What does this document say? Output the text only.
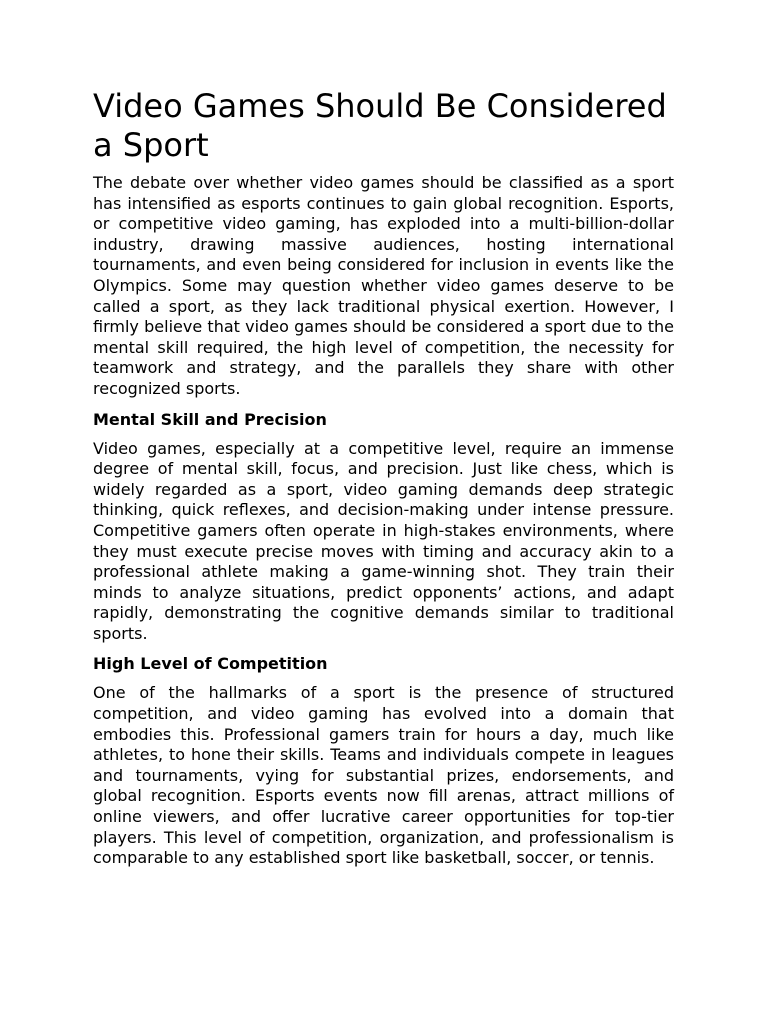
Video Games Should Be Considered a Sport

The debate over whether video games should be classified as a sport has intensified as esports continues to gain global recognition. Esports, or competitive video gaming, has exploded into a multi-billion-dollar industry, drawing massive audiences, hosting international tournaments, and even being considered for inclusion in events like the Olympics. Some may question whether video games deserve to be called a sport, as they lack traditional physical exertion. However, I firmly believe that video games should be considered a sport due to the mental skill required, the high level of competition, the necessity for teamwork and strategy, and the parallels they share with other recognized sports.

Mental Skill and Precision

Video games, especially at a competitive level, require an immense degree of mental skill, focus, and precision. Just like chess, which is widely regarded as a sport, video gaming demands deep strategic thinking, quick reflexes, and decision-making under intense pressure. Competitive gamers often operate in high-stakes environments, where they must execute precise moves with timing and accuracy akin to a professional athlete making a game-winning shot. They train their minds to analyze situations, predict opponents’ actions, and adapt rapidly, demonstrating the cognitive demands similar to traditional sports.

High Level of Competition

One of the hallmarks of a sport is the presence of structured competition, and video gaming has evolved into a domain that embodies this. Professional gamers train for hours a day, much like athletes, to hone their skills. Teams and individuals compete in leagues and tournaments, vying for substantial prizes, endorsements, and global recognition. Esports events now fill arenas, attract millions of online viewers, and offer lucrative career opportunities for top-tier players. This level of competition, organization, and professionalism is comparable to any established sport like basketball, soccer, or tennis.
